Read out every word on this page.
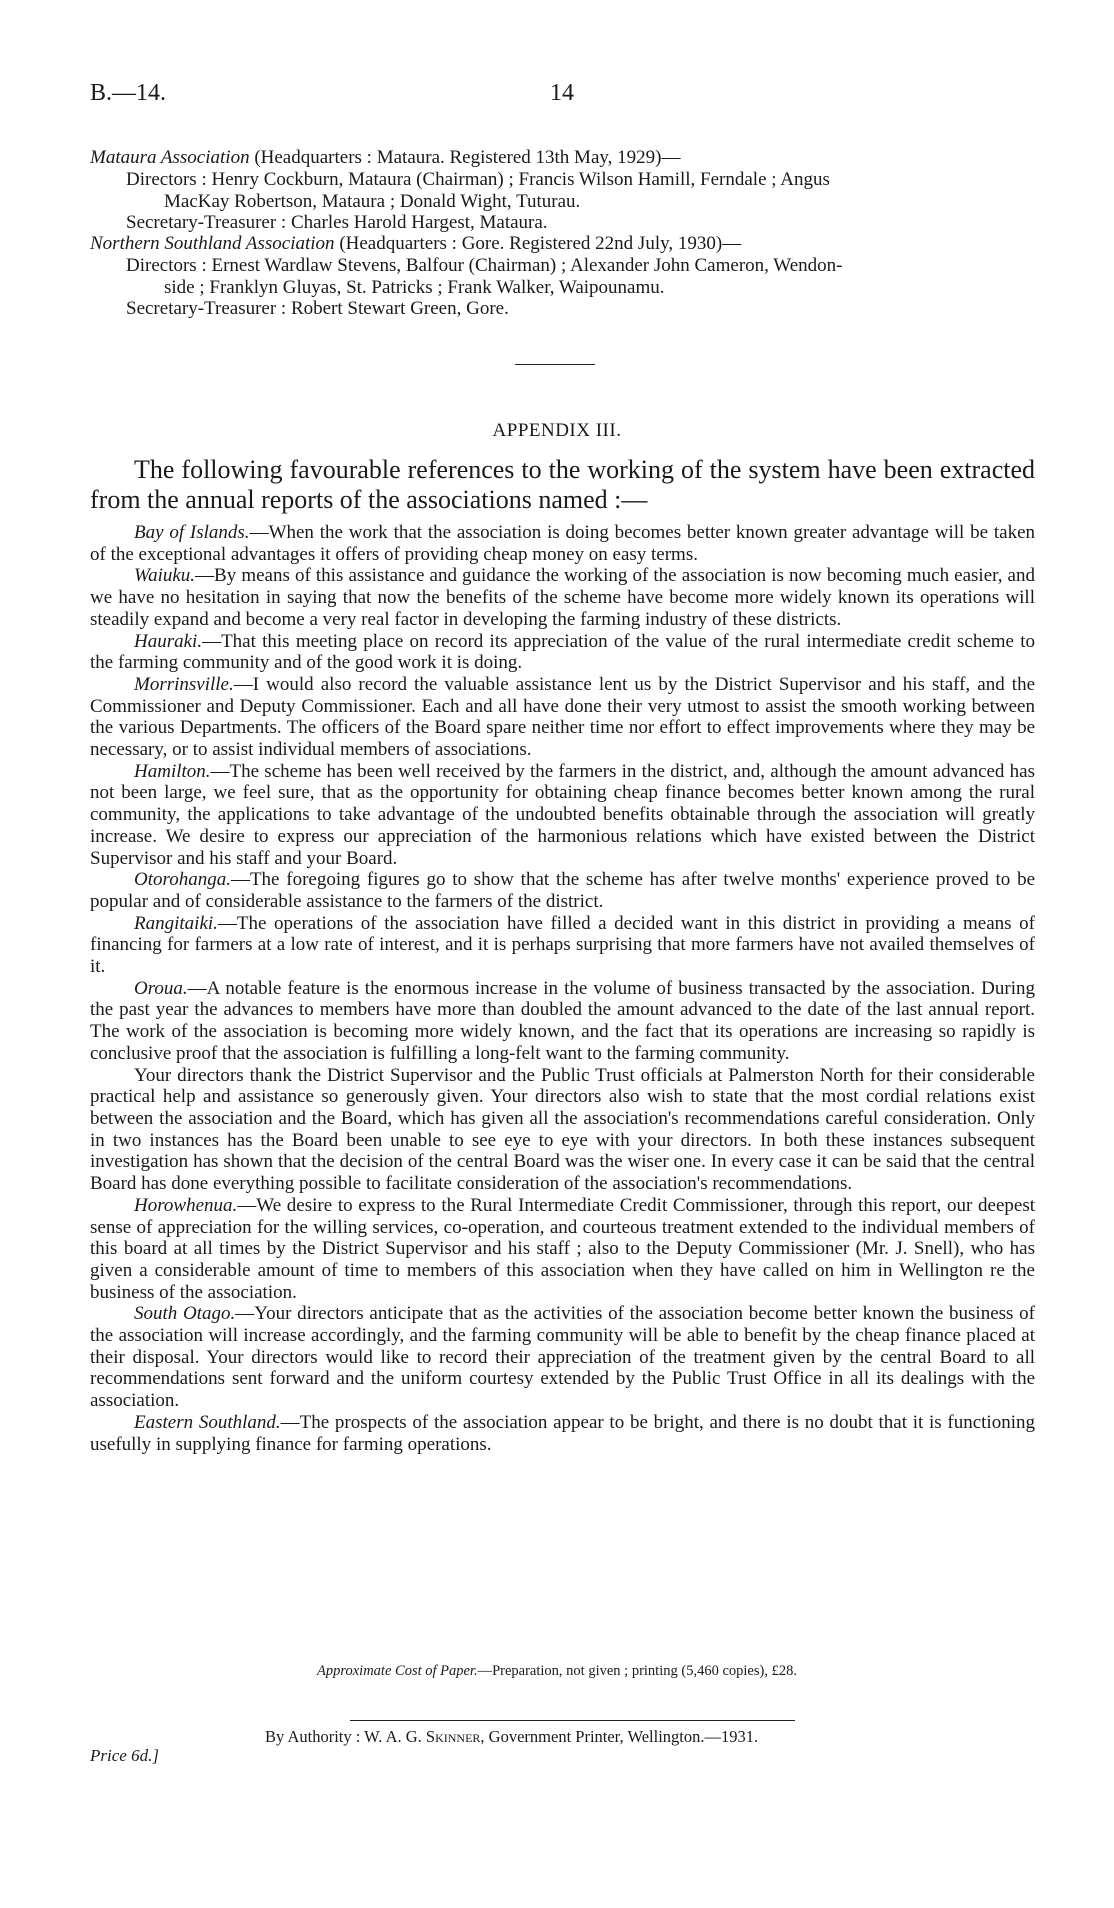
B.—14.	14

Mataura Association (Headquarters : Mataura. Registered 13th May, 1929)—

Directors : Henry Cockburn, Mataura (Chairman) ; Francis Wilson Hamill, Ferndale ; Angus

MacKay Robertson, Mataura ; Donald Wight, Tuturau.

Secretary-Treasurer : Charles Harold Hargest, Mataura.

Northern Southland Association (Headquarters : Gore. Registered 22nd July, 1930)—

Directors : Ernest Wardlaw Stevens, Balfour (Chairman) ; Alexander John Cameron, Wendon-

side ; Franklyn Gluyas, St. Patricks ; Frank Walker, Waipounamu.

Secretary-Treasurer : Robert Stewart Green, Gore.

APPENDIX III.

The following favourable references to the working of the system have been extracted from the annual reports of the associations named :—

Bay of Islands.—When the work that the association is doing becomes better known greater advantage will be taken of the exceptional advantages it offers of providing cheap money on easy terms.

Waiuku.—By means of this assistance and guidance the working of the association is now becoming much easier, and we have no hesitation in saying that now the benefits of the scheme have become more widely known its operations will steadily expand and become a very real factor in developing the farming industry of these districts.

Hauraki.—That this meeting place on record its appreciation of the value of the rural intermediate credit scheme to the farming community and of the good work it is doing.

Morrinsville.—I would also record the valuable assistance lent us by the District Supervisor and his staff, and the Commissioner and Deputy Commissioner. Each and all have done their very utmost to assist the smooth working between the various Departments. The officers of the Board spare neither time nor effort to effect improvements where they may be necessary, or to assist individual members of associations.

Hamilton.—The scheme has been well received by the farmers in the district, and, although the amount advanced has not been large, we feel sure, that as the opportunity for obtaining cheap finance becomes better known among the rural community, the applications to take advantage of the undoubted benefits obtainable through the association will greatly increase. We desire to express our appreciation of the harmonious relations which have existed between the District Supervisor and his staff and your Board.

Otorohanga.—The foregoing figures go to show that the scheme has after twelve months' experience proved to be popular and of considerable assistance to the farmers of the district.

Rangitaiki.—The operations of the association have filled a decided want in this district in providing a means of financing for farmers at a low rate of interest, and it is perhaps surprising that more farmers have not availed themselves of it.

Oroua.—A notable feature is the enormous increase in the volume of business transacted by the association. During the past year the advances to members have more than doubled the amount advanced to the date of the last annual report. The work of the association is becoming more widely known, and the fact that its operations are increasing so rapidly is conclusive proof that the association is fulfilling a long-felt want to the farming community.

Your directors thank the District Supervisor and the Public Trust officials at Palmerston North for their considerable practical help and assistance so generously given. Your directors also wish to state that the most cordial relations exist between the association and the Board, which has given all the association's recommendations careful consideration. Only in two instances has the Board been unable to see eye to eye with your directors. In both these instances subsequent investigation has shown that the decision of the central Board was the wiser one. In every case it can be said that the central Board has done everything possible to facilitate consideration of the association's recommendations.

Horowhenua.—We desire to express to the Rural Intermediate Credit Commissioner, through this report, our deepest sense of appreciation for the willing services, co-operation, and courteous treatment extended to the individual members of this board at all times by the District Supervisor and his staff ; also to the Deputy Commissioner (Mr. J. Snell), who has given a considerable amount of time to members of this association when they have called on him in Wellington re the business of the association.

South Otago.—Your directors anticipate that as the activities of the association become better known the business of the association will increase accordingly, and the farming community will be able to benefit by the cheap finance placed at their disposal. Your directors would like to record their appreciation of the treatment given by the central Board to all recommendations sent forward and the uniform courtesy extended by the Public Trust Office in all its dealings with the association.

Eastern Southland.—The prospects of the association appear to be bright, and there is no doubt that it is functioning usefully in supplying finance for farming operations.

Approximate Cost of Paper.—Preparation, not given ; printing (5,460 copies), £28.
Price 6d.]
By Authority : W. A. G. Skinner, Government Printer, Wellington.—1931.
